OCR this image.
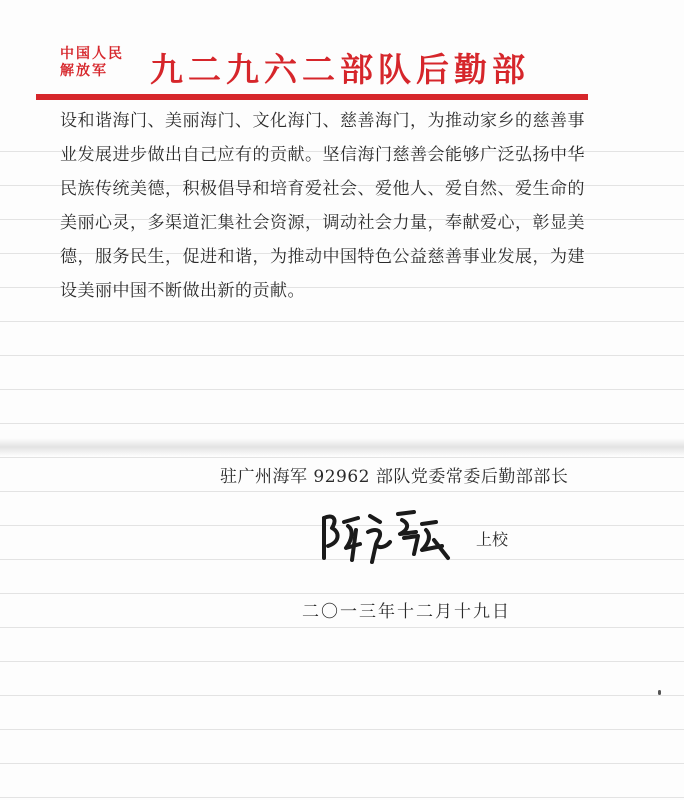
中国人民
解放军	九二九六二部队后勤部
设和谐海门、美丽海门、文化海门、慈善海门，为推动家乡的慈善事业发展进步做出自己应有的贡献。坚信海门慈善会能够广泛弘扬中华民族传统美德，积极倡导和培育爱社会、爱他人、爱自然、爱生命的美丽心灵，多渠道汇集社会资源，调动社会力量，奉献爱心，彰显美德，服务民生，促进和谐，为推动中国特色公益慈善事业发展，为建设美丽中国不断做出新的贡献。
驻广州海军 92962 部队党委常委后勤部部长
上校
二〇一三年十二月十九日
